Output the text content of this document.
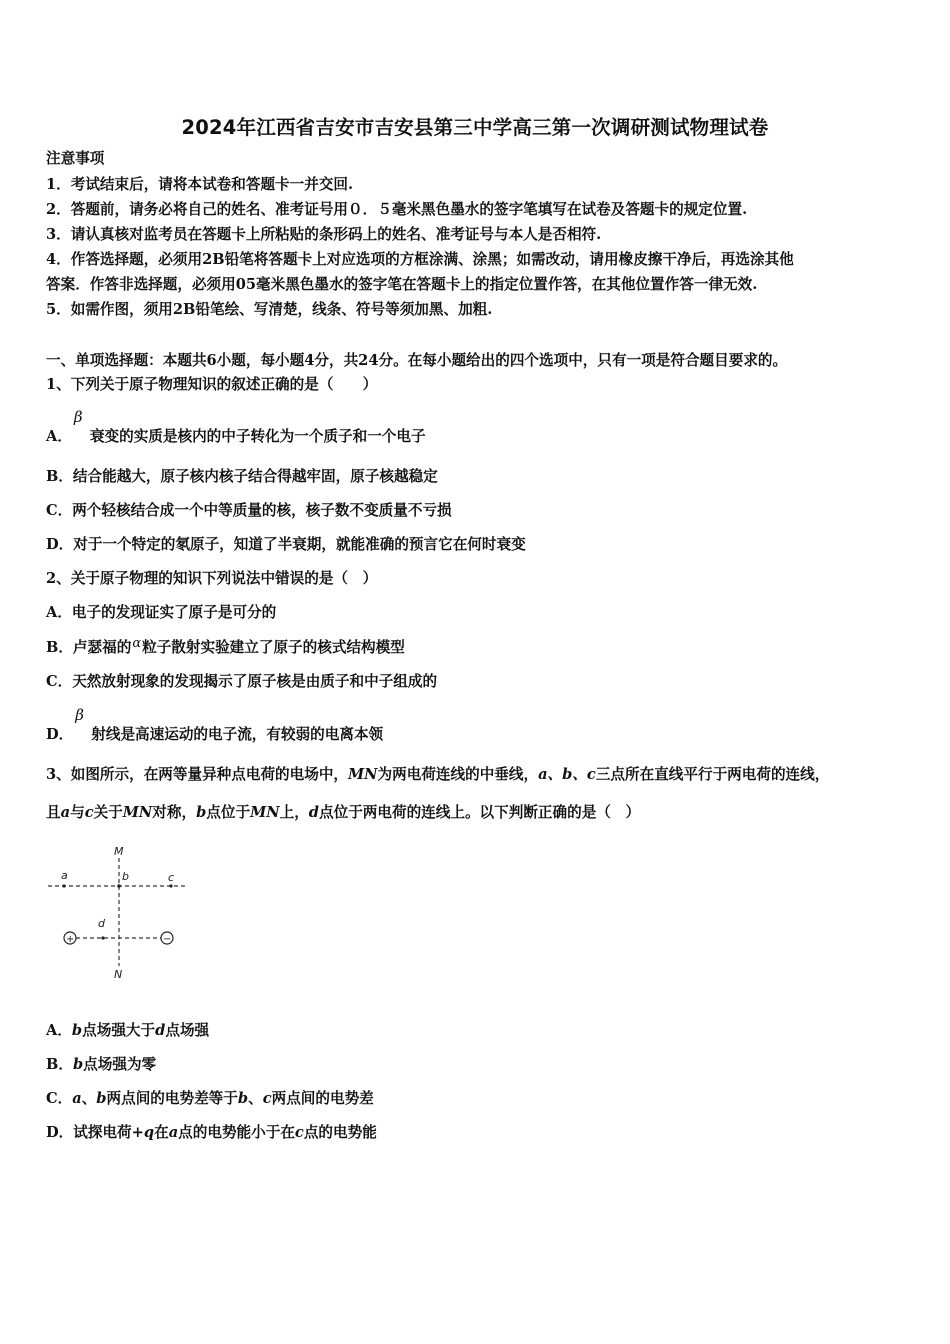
2024年江西省吉安市吉安县第三中学高三第一次调研测试物理试卷
注意事项
1．考试结束后，请将本试卷和答题卡一并交回.
2．答题前，请务必将自己的姓名、准考证号用０．５毫米黑色墨水的签字笔填写在试卷及答题卡的规定位置.
3．请认真核对监考员在答题卡上所粘贴的条形码上的姓名、准考证号与本人是否相符.
4．作答选择题，必须用2B铅笔将答题卡上对应选项的方框涂满、涂黑；如需改动，请用橡皮擦干净后，再选涂其他
答案．作答非选择题，必须用05毫米黑色墨水的签字笔在答题卡上的指定位置作答，在其他位置作答一律无效.
5．如需作图，须用2B铅笔绘、写清楚，线条、符号等须加黑、加粗.
一、单项选择题：本题共6小题，每小题4分，共24分。在每小题给出的四个选项中，只有一项是符合题目要求的。
1、下列关于原子物理知识的叙述正确的是（　　）
A．
β
衰变的实质是核内的中子转化为一个质子和一个电子
B．结合能越大，原子核内核子结合得越牢固，原子核越稳定
C．两个轻核结合成一个中等质量的核，核子数不变质量不亏损
D．对于一个特定的氡原子，知道了半衰期，就能准确的预言它在何时衰变
2、关于原子物理的知识下列说法中错误的是（　）
A．电子的发现证实了原子是可分的
B．卢瑟福的α粒子散射实验建立了原子的核式结构模型
C．天然放射现象的发现揭示了原子核是由质子和中子组成的
D．
β
射线是高速运动的电子流，有较弱的电离本领
3、如图所示，在两等量异种点电荷的电场中，MN为两电荷连线的中垂线，a、b、c三点所在直线平行于两电荷的连线，
且a与c关于MN对称，b点位于MN上，d点位于两电荷的连线上。以下判断正确的是（　）
M
N
a	b	c
d
+	−
A．b点场强大于d点场强
B．b点场强为零
C．a、b两点间的电势差等于b、c两点间的电势差
D．试探电荷+q在a点的电势能小于在c点的电势能
